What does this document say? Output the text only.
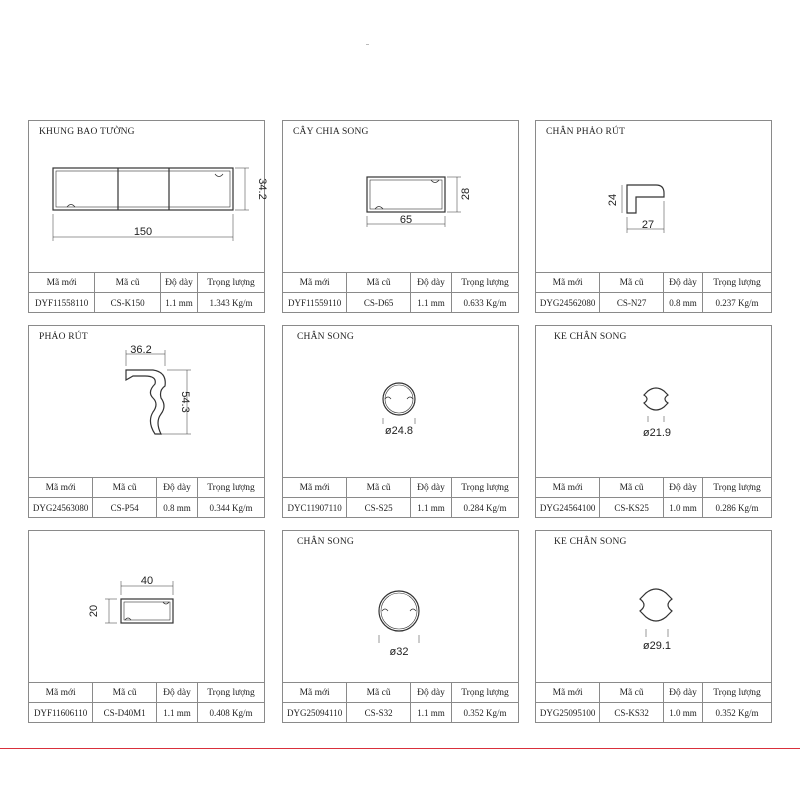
KHUNG BAO TƯỜNG
150
34.2
Mã mới	Mã cũ	Độ dày	Trọng lượng
DYF11558110	CS-K150	1.1 mm	1.343 Kg/m
CÂY CHIA SONG
65
28
Mã mới	Mã cũ	Độ dày	Trọng lượng
DYF11559110	CS-D65	1.1 mm	0.633 Kg/m
CHÂN PHẢO RÚT
27
24
Mã mới	Mã cũ	Độ dày	Trọng lượng
DYG24562080	CS-N27	0.8 mm	0.237 Kg/m
PHẢO RÚT
36.2
54.3
Mã mới	Mã cũ	Độ dày	Trọng lượng
DYG24563080	CS-P54	0.8 mm	0.344 Kg/m
CHÂN SONG
ø24.8
Mã mới	Mã cũ	Độ dày	Trọng lượng
DYC11907110	CS-S25	1.1 mm	0.284 Kg/m
KE CHÂN SONG
ø21.9
Mã mới	Mã cũ	Độ dày	Trọng lượng
DYG24564100	CS-KS25	1.0 mm	0.286 Kg/m
40
20
Mã mới	Mã cũ	Độ dày	Trọng lượng
DYF11606110	CS-D40M1	1.1 mm	0.408 Kg/m
CHÂN SONG
ø32
Mã mới	Mã cũ	Độ dày	Trọng lượng
DYG25094110	CS-S32	1.1 mm	0.352 Kg/m
KE CHÂN SONG
ø29.1
Mã mới	Mã cũ	Độ dày	Trọng lượng
DYG25095100	CS-KS32	1.0 mm	0.352 Kg/m
